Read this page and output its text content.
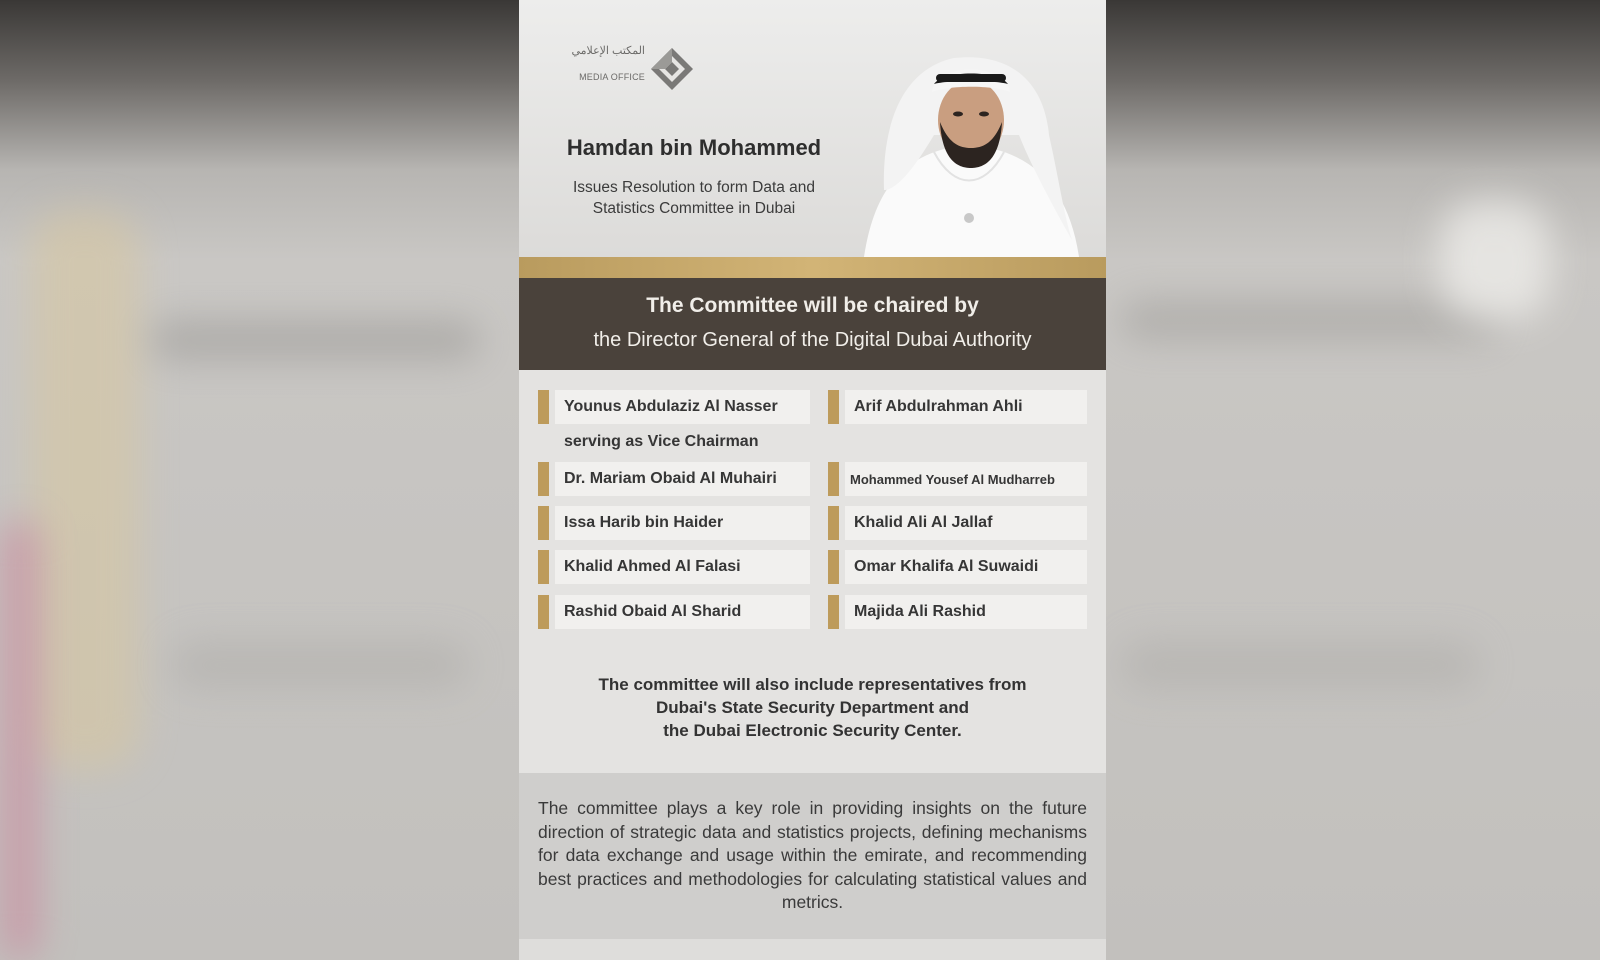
المكتب الإعلامي
MEDIA OFFICE
Hamdan bin Mohammed
Issues Resolution to form Data and
Statistics Committee in Dubai
The Committee will be chaired by
the Director General of the Digital Dubai Authority
Younus Abdulaziz Al Nasser
serving as Vice Chairman
Dr. Mariam Obaid Al Muhairi
Issa Harib bin Haider
Khalid Ahmed Al Falasi
Rashid Obaid Al Sharid
Arif Abdulrahman Ahli
Mohammed Yousef Al Mudharreb
Khalid Ali Al Jallaf
Omar Khalifa Al Suwaidi
Majida Ali Rashid
The committee will also include representatives from
Dubai's State Security Department and
the Dubai Electronic Security Center.
The committee plays a key role in providing insights on the future direction of strategic data and statistics projects, defining mechanisms for data exchange and usage within the emirate, and recommending best practices and methodologies for calculating statistical values and metrics.
